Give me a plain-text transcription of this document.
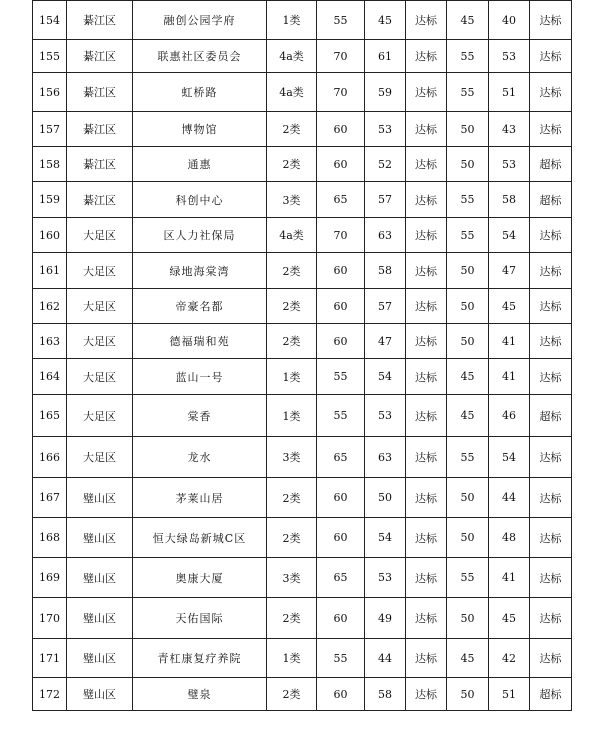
154	綦江区	融创公园学府	1类	55	45	达标	45	40	达标
155	綦江区	联惠社区委员会	4a类	70	61	达标	55	53	达标
156	綦江区	虹桥路	4a类	70	59	达标	55	51	达标
157	綦江区	博物馆	2类	60	53	达标	50	43	达标
158	綦江区	通惠	2类	60	52	达标	50	53	超标
159	綦江区	科创中心	3类	65	57	达标	55	58	超标
160	大足区	区人力社保局	4a类	70	63	达标	55	54	达标
161	大足区	绿地海棠湾	2类	60	58	达标	50	47	达标
162	大足区	帝豪名都	2类	60	57	达标	50	45	达标
163	大足区	德福瑞和苑	2类	60	47	达标	50	41	达标
164	大足区	蓝山一号	1类	55	54	达标	45	41	达标
165	大足区	棠香	1类	55	53	达标	45	46	超标
166	大足区	龙水	3类	65	63	达标	55	54	达标
167	璧山区	茅莱山居	2类	60	50	达标	50	44	达标
168	璧山区	恒大绿岛新城C区	2类	60	54	达标	50	48	达标
169	璧山区	奥康大厦	3类	65	53	达标	55	41	达标
170	璧山区	天佑国际	2类	60	49	达标	50	45	达标
171	璧山区	青杠康复疗养院	1类	55	44	达标	45	42	达标
172	璧山区	璧泉	2类	60	58	达标	50	51	超标
